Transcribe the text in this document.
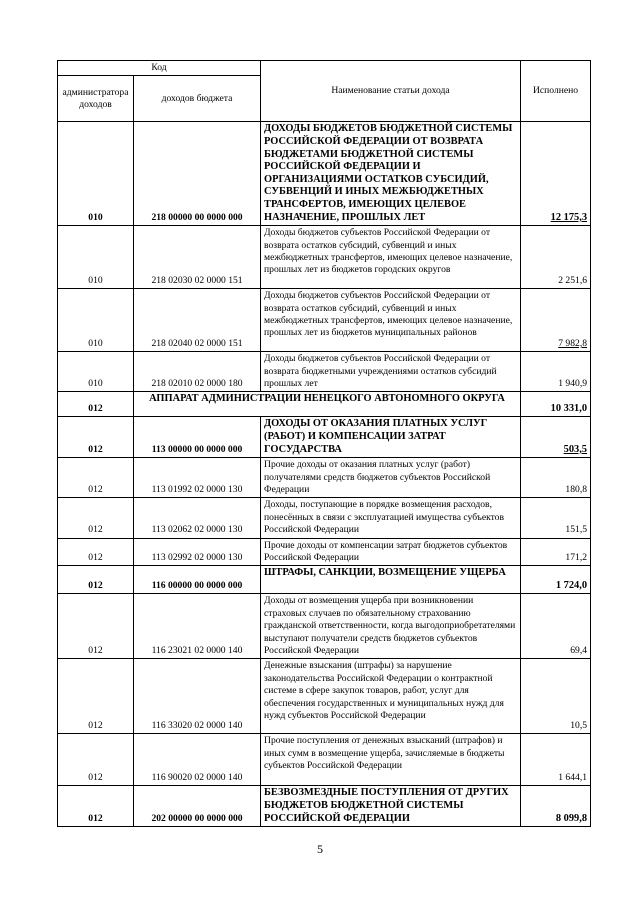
Код		Наименование статьи дохода	Исполнено
администратора доходов	доходов бюджета		
010	218 00000 00 0000 000	ДОХОДЫ БЮДЖЕТОВ БЮДЖЕТНОЙ СИСТЕМЫ РОССИЙСКОЙ ФЕДЕРАЦИИ ОТ ВОЗВРАТА БЮДЖЕТАМИ БЮДЖЕТНОЙ СИСТЕМЫ РОССИЙСКОЙ ФЕДЕРАЦИИ И ОРГАНИЗАЦИЯМИ ОСТАТКОВ СУБСИДИЙ, СУБВЕНЦИЙ И ИНЫХ МЕЖБЮДЖЕТНЫХ ТРАНСФЕРТОВ, ИМЕЮЩИХ ЦЕЛЕВОЕ НАЗНАЧЕНИЕ, ПРОШЛЫХ ЛЕТ	12 175,3
010	218 02030 02 0000 151	Доходы бюджетов субъектов Российской Федерации от возврата остатков субсидий, субвенций и иных межбюджетных трансфертов, имеющих целевое назначение, прошлых лет из бюджетов городских округов	2 251,6
010	218 02040 02 0000 151	Доходы бюджетов субъектов Российской Федерации от возврата остатков субсидий, субвенций и иных межбюджетных трансфертов, имеющих целевое назначение, прошлых лет из бюджетов муниципальных районов	7 982,8
010	218 02010 02 0000 180	Доходы бюджетов субъектов Российской Федерации от возврата бюджетными учреждениями остатков субсидий прошлых лет	1 940,9
012	АППАРАТ АДМИНИСТРАЦИИ НЕНЕЦКОГО АВТОНОМНОГО ОКРУГА		10 331,0
012	113 00000 00 0000 000	ДОХОДЫ ОТ ОКАЗАНИЯ ПЛАТНЫХ УСЛУГ (РАБОТ) И КОМПЕНСАЦИИ ЗАТРАТ ГОСУДАРСТВА	503,5
012	113 01992 02 0000 130	Прочие доходы от оказания платных услуг (работ) получателями средств бюджетов субъектов Российской Федерации	180,8
012	113 02062 02 0000 130	Доходы, поступающие в порядке возмещения расходов, понесённых в связи с эксплуатацией имущества субъектов Российской Федерации	151,5
012	113 02992 02 0000 130	Прочие доходы от компенсации затрат бюджетов субъектов Российской Федерации	171,2
012	116 00000 00 0000 000	ШТРАФЫ, САНКЦИИ, ВОЗМЕЩЕНИЕ УЩЕРБА	1 724,0
012	116 23021 02 0000 140	Доходы от возмещения ущерба при возникновении страховых случаев по обязательному страхованию гражданской ответственности, когда выгодоприобретателями выступают получатели средств бюджетов субъектов Российской Федерации	69,4
012	116 33020 02 0000 140	Денежные взыскания (штрафы) за нарушение законодательства Российской Федерации о контрактной системе в сфере закупок товаров, работ, услуг для обеспечения государственных и муниципальных нужд для нужд субъектов Российской Федерации	10,5
012	116 90020 02 0000 140	Прочие поступления от денежных взысканий (штрафов) и иных сумм в возмещение ущерба, зачисляемые в бюджеты субъектов Российской Федерации	1 644,1
012	202 00000 00 0000 000	БЕЗВОЗМЕЗДНЫЕ ПОСТУПЛЕНИЯ ОТ ДРУГИХ БЮДЖЕТОВ БЮДЖЕТНОЙ СИСТЕМЫ РОССИЙСКОЙ ФЕДЕРАЦИИ	8 099,8
5
